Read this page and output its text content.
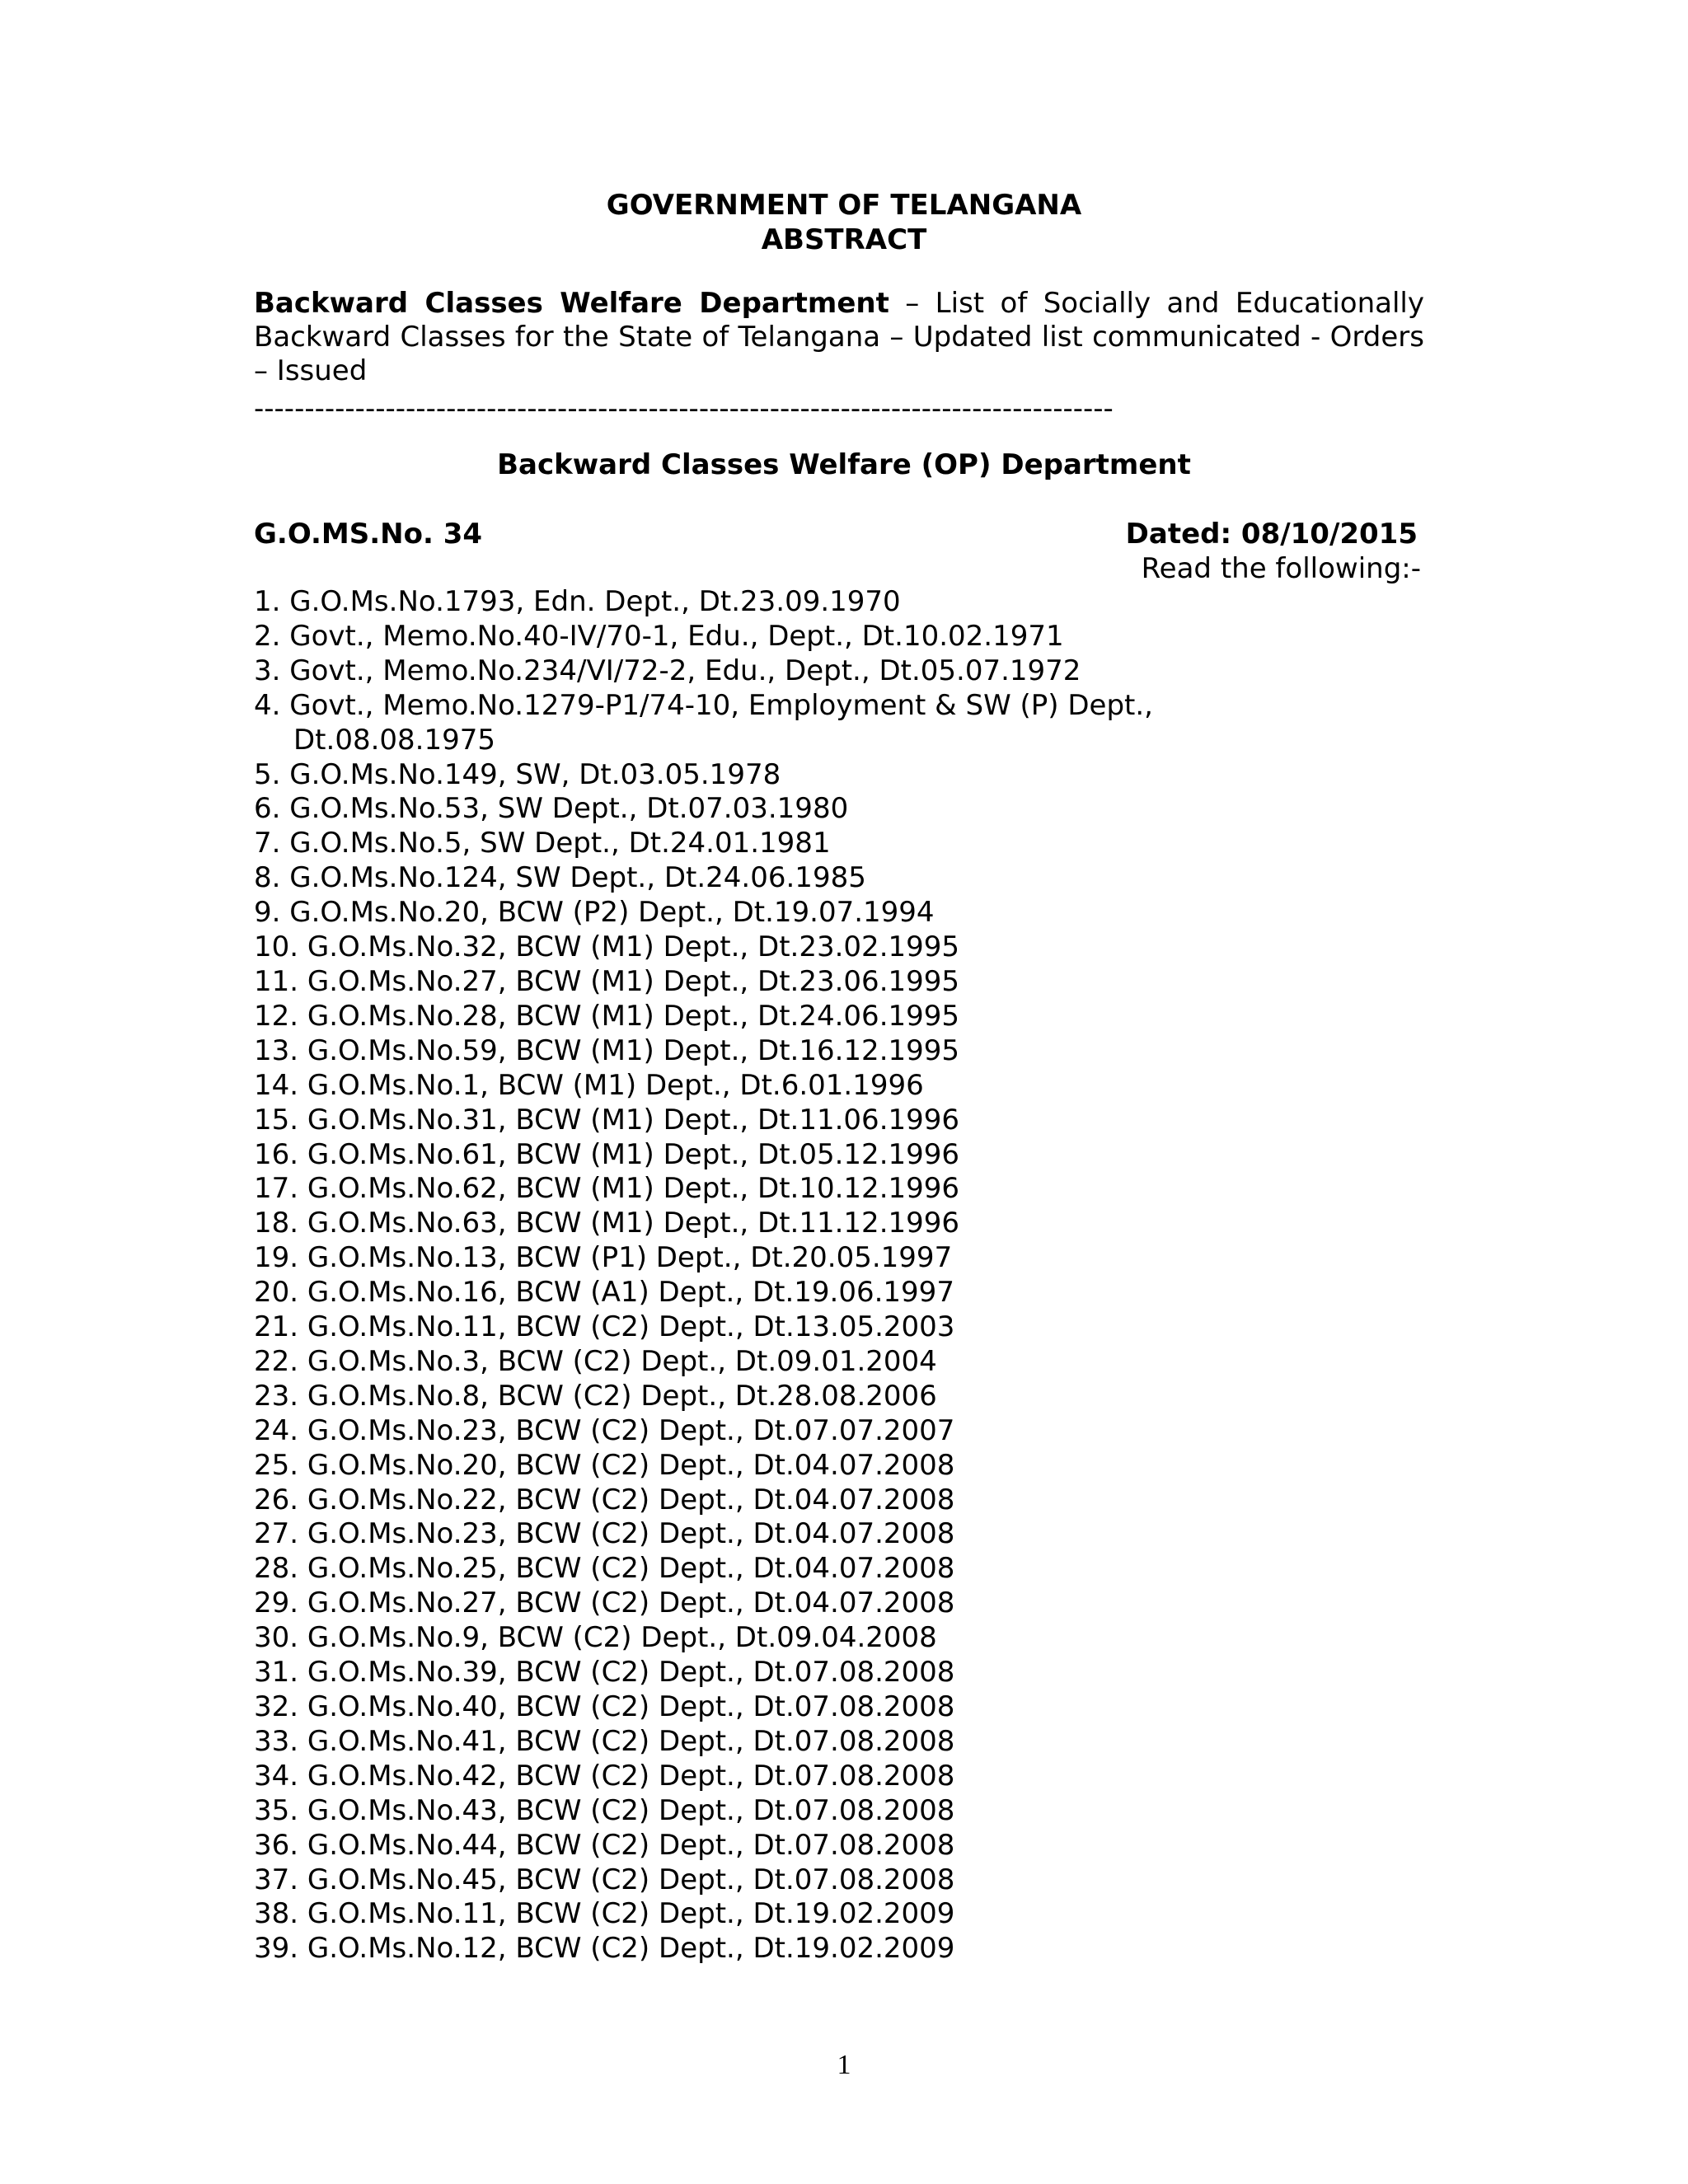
GOVERNMENT OF TELANGANA
ABSTRACT
Backward Classes Welfare Department – List of Socially and Educationally Backward Classes for the State of Telangana – Updated list communicated - Orders – Issued
-------------------------------------------------------------------------------------
Backward Classes Welfare (OP) Department
G.O.MS.No. 34	Dated: 08/10/2015
Read the following:-
1. G.O.Ms.No.1793, Edn. Dept., Dt.23.09.1970
2. Govt., Memo.No.40-IV/70-1, Edu., Dept., Dt.10.02.1971
3. Govt., Memo.No.234/VI/72-2, Edu., Dept., Dt.05.07.1972
4. Govt., Memo.No.1279-P1/74-10, Employment & SW (P) Dept.,
Dt.08.08.1975
5. G.O.Ms.No.149, SW, Dt.03.05.1978
6. G.O.Ms.No.53, SW Dept., Dt.07.03.1980
7. G.O.Ms.No.5, SW Dept., Dt.24.01.1981
8. G.O.Ms.No.124, SW Dept., Dt.24.06.1985
9. G.O.Ms.No.20, BCW (P2) Dept., Dt.19.07.1994
10. G.O.Ms.No.32, BCW (M1) Dept., Dt.23.02.1995
11. G.O.Ms.No.27, BCW (M1) Dept., Dt.23.06.1995
12. G.O.Ms.No.28, BCW (M1) Dept., Dt.24.06.1995
13. G.O.Ms.No.59, BCW (M1) Dept., Dt.16.12.1995
14. G.O.Ms.No.1, BCW (M1) Dept., Dt.6.01.1996
15. G.O.Ms.No.31, BCW (M1) Dept., Dt.11.06.1996
16. G.O.Ms.No.61, BCW (M1) Dept., Dt.05.12.1996
17. G.O.Ms.No.62, BCW (M1) Dept., Dt.10.12.1996
18. G.O.Ms.No.63, BCW (M1) Dept., Dt.11.12.1996
19. G.O.Ms.No.13, BCW (P1) Dept., Dt.20.05.1997
20. G.O.Ms.No.16, BCW (A1) Dept., Dt.19.06.1997
21. G.O.Ms.No.11, BCW (C2) Dept., Dt.13.05.2003
22. G.O.Ms.No.3, BCW (C2) Dept., Dt.09.01.2004
23. G.O.Ms.No.8, BCW (C2) Dept., Dt.28.08.2006
24. G.O.Ms.No.23, BCW (C2) Dept., Dt.07.07.2007
25. G.O.Ms.No.20, BCW (C2) Dept., Dt.04.07.2008
26. G.O.Ms.No.22, BCW (C2) Dept., Dt.04.07.2008
27. G.O.Ms.No.23, BCW (C2) Dept., Dt.04.07.2008
28. G.O.Ms.No.25, BCW (C2) Dept., Dt.04.07.2008
29. G.O.Ms.No.27, BCW (C2) Dept., Dt.04.07.2008
30. G.O.Ms.No.9, BCW (C2) Dept., Dt.09.04.2008
31. G.O.Ms.No.39, BCW (C2) Dept., Dt.07.08.2008
32. G.O.Ms.No.40, BCW (C2) Dept., Dt.07.08.2008
33. G.O.Ms.No.41, BCW (C2) Dept., Dt.07.08.2008
34. G.O.Ms.No.42, BCW (C2) Dept., Dt.07.08.2008
35. G.O.Ms.No.43, BCW (C2) Dept., Dt.07.08.2008
36. G.O.Ms.No.44, BCW (C2) Dept., Dt.07.08.2008
37. G.O.Ms.No.45, BCW (C2) Dept., Dt.07.08.2008
38. G.O.Ms.No.11, BCW (C2) Dept., Dt.19.02.2009
39. G.O.Ms.No.12, BCW (C2) Dept., Dt.19.02.2009
1
